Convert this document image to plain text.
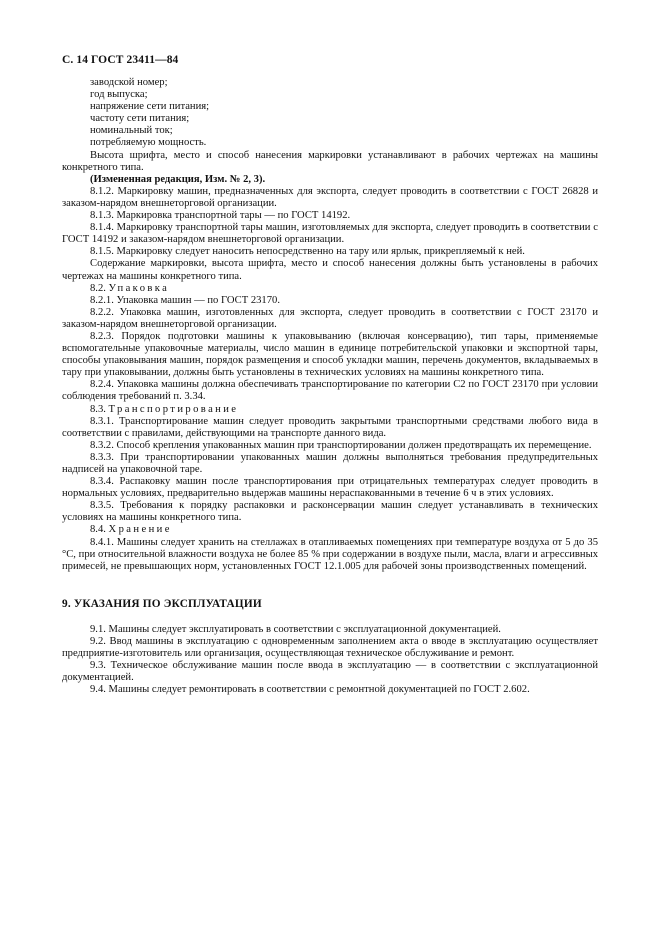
С. 14 ГОСТ 23411—84

заводской номер;

год выпуска;

напряжение сети питания;

частоту сети питания;

номинальный ток;

потребляемую мощность.

Высота шрифта, место и способ нанесения маркировки устанавливают в рабочих чертежах на машины конкретного типа.

(Измененная редакция, Изм. № 2, 3).

8.1.2. Маркировку машин, предназначенных для экспорта, следует проводить в соответствии с ГОСТ 26828 и заказом-нарядом внешнеторговой организации.

8.1.3. Маркировка транспортной тары — по ГОСТ 14192.

8.1.4. Маркировку транспортной тары машин, изготовляемых для экспорта, следует проводить в соответствии с ГОСТ 14192 и заказом-нарядом внешнеторговой организации.

8.1.5. Маркировку следует наносить непосредственно на тару или ярлык, прикрепляемый к ней.

Содержание маркировки, высота шрифта, место и способ нанесения должны быть установлены в рабочих чертежах на машины конкретного типа.

8.2. Упаковка

8.2.1. Упаковка машин — по ГОСТ 23170.

8.2.2. Упаковка машин, изготовленных для экспорта, следует проводить в соответствии с ГОСТ 23170 и заказом-нарядом внешнеторговой организации.

8.2.3. Порядок подготовки машины к упаковыванию (включая консервацию), тип тары, применяемые вспомогательные упаковочные материалы, число машин в единице потребительской упаковки и экспортной тары, способы упаковывания машин, порядок размещения и способ укладки машин, перечень документов, вкладываемых в тару при упаковывании, должны быть установлены в технических условиях на машины конкретного типа.

8.2.4. Упаковка машины должна обеспечивать транспортирование по категории С2 по ГОСТ 23170 при условии соблюдения требований п. 3.34.

8.3. Транспортирование

8.3.1. Транспортирование машин следует проводить закрытыми транспортными средствами любого вида в соответствии с правилами, действующими на транспорте данного вида.

8.3.2. Способ крепления упакованных машин при транспортировании должен предотвращать их перемещение.

8.3.3. При транспортировании упакованных машин должны выполняться требования предупредительных надписей на упаковочной таре.

8.3.4. Распаковку машин после транспортирования при отрицательных температурах следует проводить в нормальных условиях, предварительно выдержав машины нераспакованными в течение 6 ч в этих условиях.

8.3.5. Требования к порядку распаковки и расконсервации машин следует устанавливать в технических условиях на машины конкретного типа.

8.4. Хранение

8.4.1. Машины следует хранить на стеллажах в отапливаемых помещениях при температуре воздуха от 5 до 35 °С, при относительной влажности воздуха не более 85 % при содержании в воздухе пыли, масла, влаги и агрессивных примесей, не превышающих норм, установленных ГОСТ 12.1.005 для рабочей зоны производственных помещений.

9. УКАЗАНИЯ ПО ЭКСПЛУАТАЦИИ

9.1. Машины следует эксплуатировать в соответствии с эксплуатационной документацией.

9.2. Ввод машины в эксплуатацию с одновременным заполнением акта о вводе в эксплуатацию осуществляет предприятие-изготовитель или организация, осуществляющая техническое обслуживание и ремонт.

9.3. Техническое обслуживание машин после ввода в эксплуатацию — в соответствии с эксплуатационной документацией.

9.4. Машины следует ремонтировать в соответствии с ремонтной документацией по ГОСТ 2.602.
